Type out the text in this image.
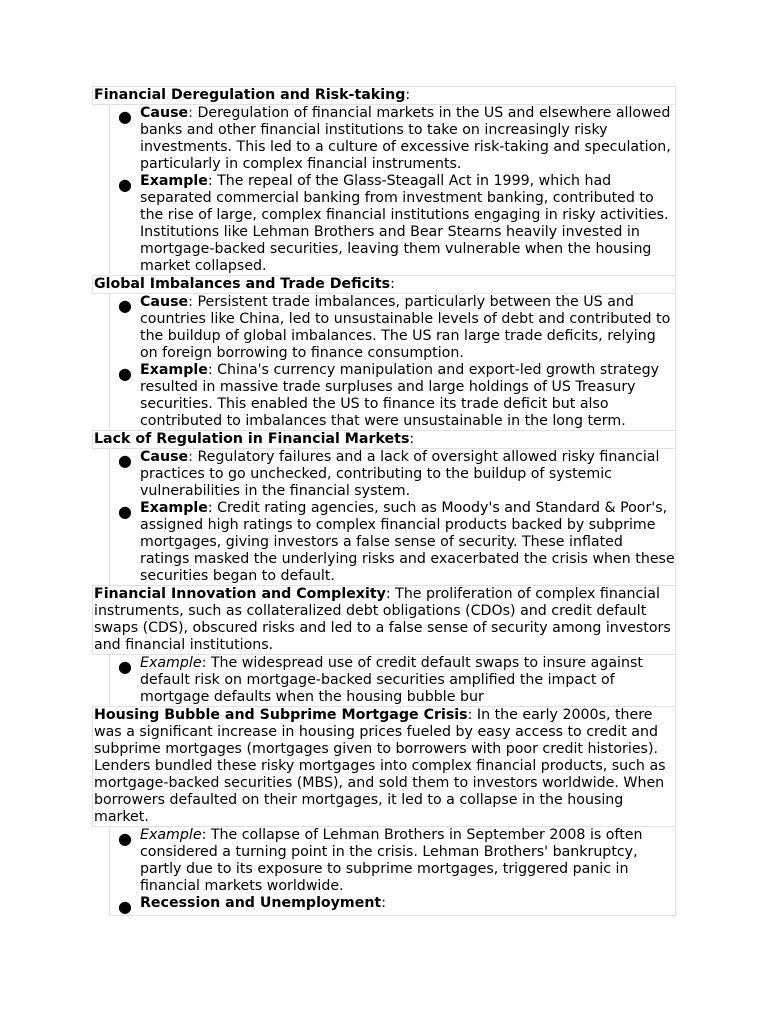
Financial Deregulation and Risk-taking:
● Cause: Deregulation of financial markets in the US and elsewhere allowed banks and other financial institutions to take on increasingly risky investments. This led to a culture of excessive risk-taking and speculation, particularly in complex financial instruments.
● Example: The repeal of the Glass-Steagall Act in 1999, which had separated commercial banking from investment banking, contributed to the rise of large, complex financial institutions engaging in risky activities. Institutions like Lehman Brothers and Bear Stearns heavily invested in mortgage-backed securities, leaving them vulnerable when the housing market collapsed.
Global Imbalances and Trade Deficits:
● Cause: Persistent trade imbalances, particularly between the US and countries like China, led to unsustainable levels of debt and contributed to the buildup of global imbalances. The US ran large trade deficits, relying on foreign borrowing to finance consumption.
● Example: China's currency manipulation and export-led growth strategy resulted in massive trade surpluses and large holdings of US Treasury securities. This enabled the US to finance its trade deficit but also contributed to imbalances that were unsustainable in the long term.
Lack of Regulation in Financial Markets:
● Cause: Regulatory failures and a lack of oversight allowed risky financial practices to go unchecked, contributing to the buildup of systemic vulnerabilities in the financial system.
● Example: Credit rating agencies, such as Moody's and Standard & Poor's, assigned high ratings to complex financial products backed by subprime mortgages, giving investors a false sense of security. These inflated ratings masked the underlying risks and exacerbated the crisis when these securities began to default.
Financial Innovation and Complexity: The proliferation of complex financial instruments, such as collateralized debt obligations (CDOs) and credit default swaps (CDS), obscured risks and led to a false sense of security among investors and financial institutions.
● Example: The widespread use of credit default swaps to insure against default risk on mortgage-backed securities amplified the impact of mortgage defaults when the housing bubble bur
Housing Bubble and Subprime Mortgage Crisis: In the early 2000s, there was a significant increase in housing prices fueled by easy access to credit and subprime mortgages (mortgages given to borrowers with poor credit histories). Lenders bundled these risky mortgages into complex financial products, such as mortgage-backed securities (MBS), and sold them to investors worldwide. When borrowers defaulted on their mortgages, it led to a collapse in the housing market.
● Example: The collapse of Lehman Brothers in September 2008 is often considered a turning point in the crisis. Lehman Brothers' bankruptcy, partly due to its exposure to subprime mortgages, triggered panic in financial markets worldwide.
● Recession and Unemployment:
